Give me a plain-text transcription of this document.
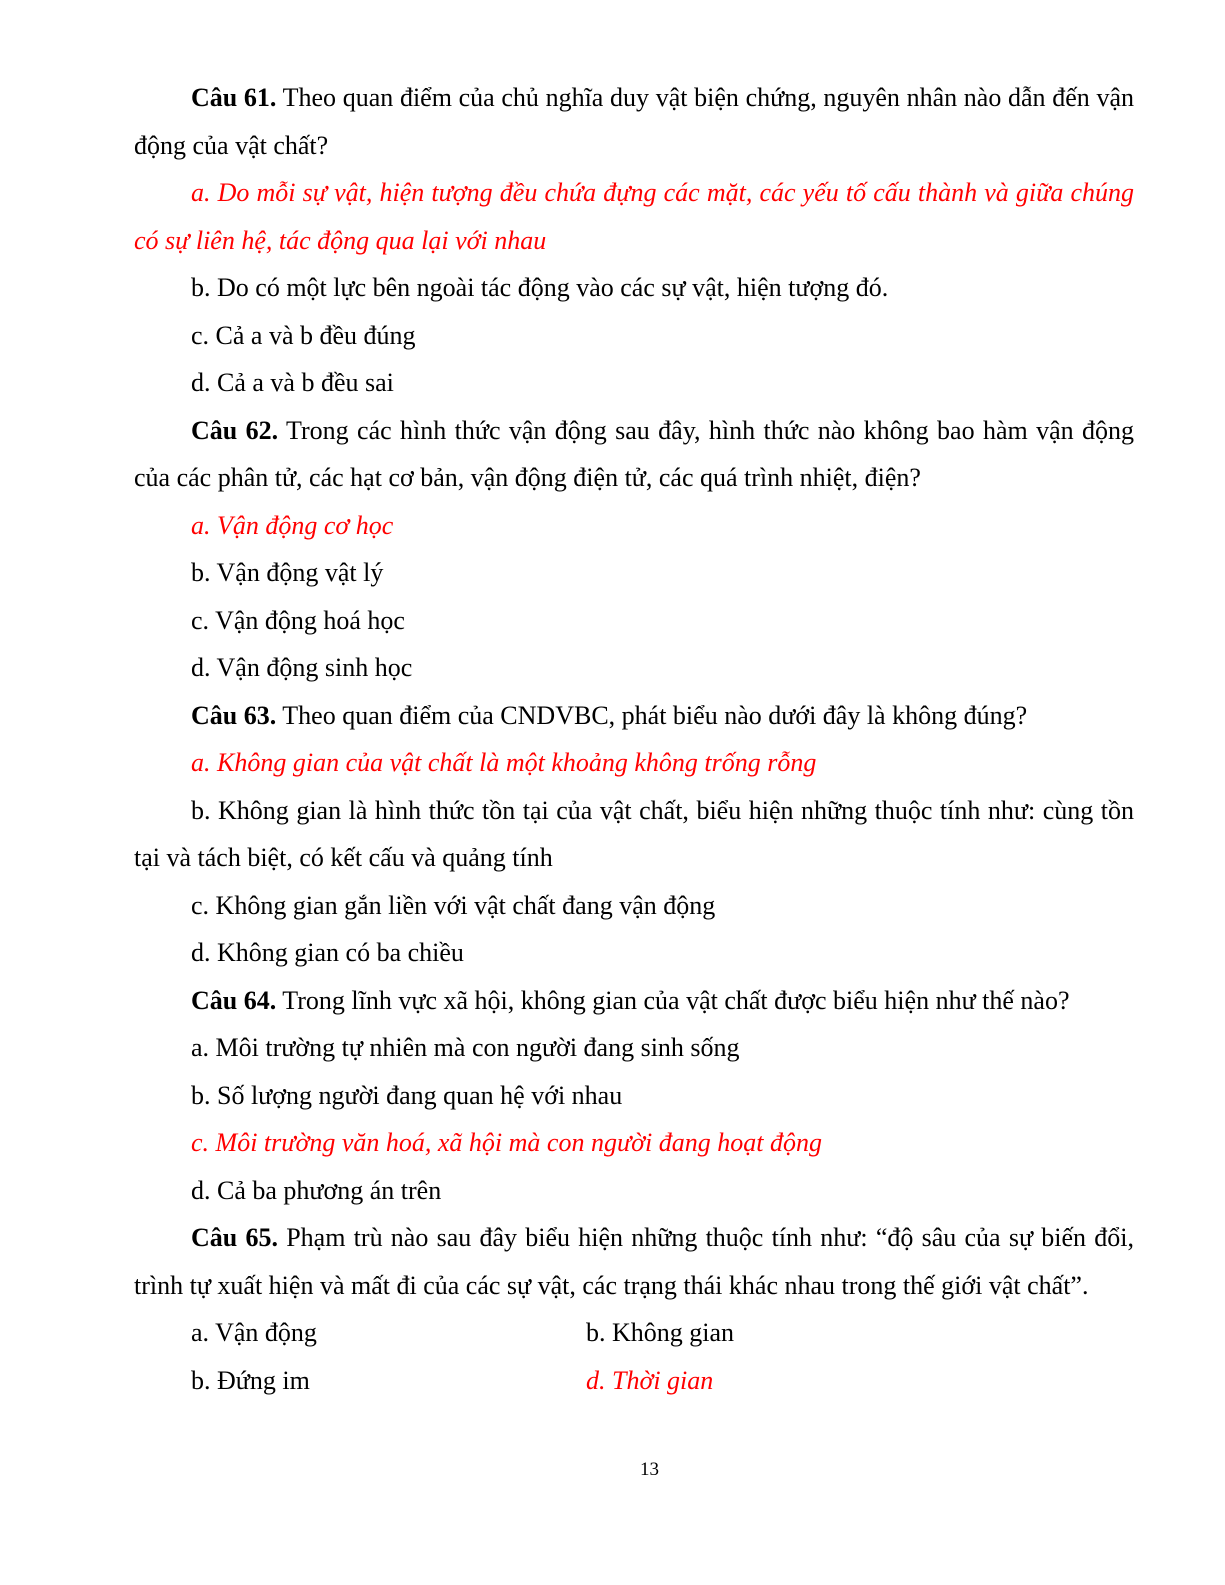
Câu 61. Theo quan điểm của chủ nghĩa duy vật biện chứng, nguyên nhân nào dẫn đến vận động của vật chất?

a. Do mỗi sự vật, hiện tượng đều chứa đựng các mặt, các yếu tố cấu thành và giữa chúng có sự liên hệ, tác động qua lại với nhau

b. Do có một lực bên ngoài tác động vào các sự vật, hiện tượng đó.

c. Cả a và b đều đúng

d. Cả a và b đều sai

Câu 62. Trong các hình thức vận động sau đây, hình thức nào không bao hàm vận động của các phân tử, các hạt cơ bản, vận động điện tử, các quá trình nhiệt, điện?

a. Vận động cơ học

b. Vận động vật lý

c. Vận động hoá học

d. Vận động sinh học

Câu 63. Theo quan điểm của CNDVBC, phát biểu nào dưới đây là không đúng?

a. Không gian của vật chất là một khoảng không trống rỗng

b. Không gian là hình thức tồn tại của vật chất, biểu hiện những thuộc tính như: cùng tồn tại và tách biệt, có kết cấu và quảng tính

c. Không gian gắn liền với vật chất đang vận động

d. Không gian có ba chiều

Câu 64. Trong lĩnh vực xã hội, không gian của vật chất được biểu hiện như thế nào?

a. Môi trường tự nhiên mà con người đang sinh sống

b. Số lượng người đang quan hệ với nhau

c. Môi trường văn hoá, xã hội mà con người đang hoạt động

d. Cả ba phương án trên

Câu 65. Phạm trù nào sau đây biểu hiện những thuộc tính như: “độ sâu của sự biến đổi, trình tự xuất hiện và mất đi của các sự vật, các trạng thái khác nhau trong thế giới vật chất”.

a. Vận động	b. Không gian
b. Đứng im	d. Thời gian
13
